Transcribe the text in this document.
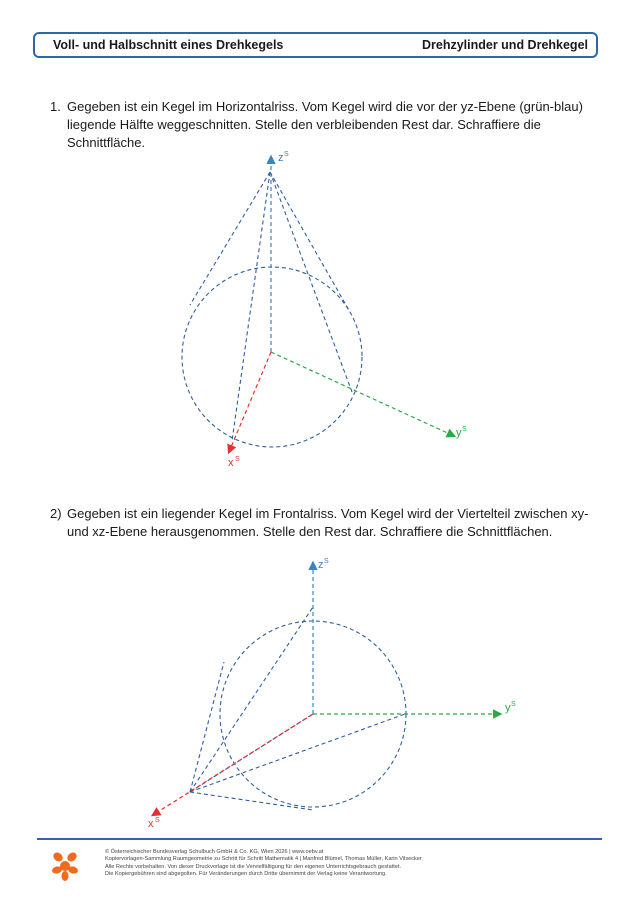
Voll- und Halbschnitt eines Drehkegels	Drehzylinder und Drehkegel
1. Gegeben ist ein Kegel im Horizontalriss. Vom Kegel wird die vor der yz-Ebene (grün-blau) liegende Hälfte weggeschnitten. Stelle den verbleibenden Rest dar. Schraffiere die Schnittfläche.
2) Gegeben ist ein liegender Kegel im Frontalriss. Vom Kegel wird der Viertelteil zwischen xy- und xz-Ebene herausgenommen. Stelle den Rest dar. Schraffiere die Schnittflächen.
z S
y S
x S
z S
y S
x S
© Österreichischer Bundesverlag Schulbuch GmbH & Co. KG, Wien 2026 | www.oebv.at
Kopiervorlagen-Sammlung Raumgeometrie zu Schritt für Schritt Mathematik 4 | Manfred Blümel, Thomas Müller, Karin Vilsecker
Alle Rechte vorbehalten. Von dieser Druckvorlage ist die Vervielfältigung für den eigenen Unterrichtsgebrauch gestattet.
Die Kopiergebühren sind abgegolten. Für Veränderungen durch Dritte übernimmt der Verlag keine Verantwortung.
